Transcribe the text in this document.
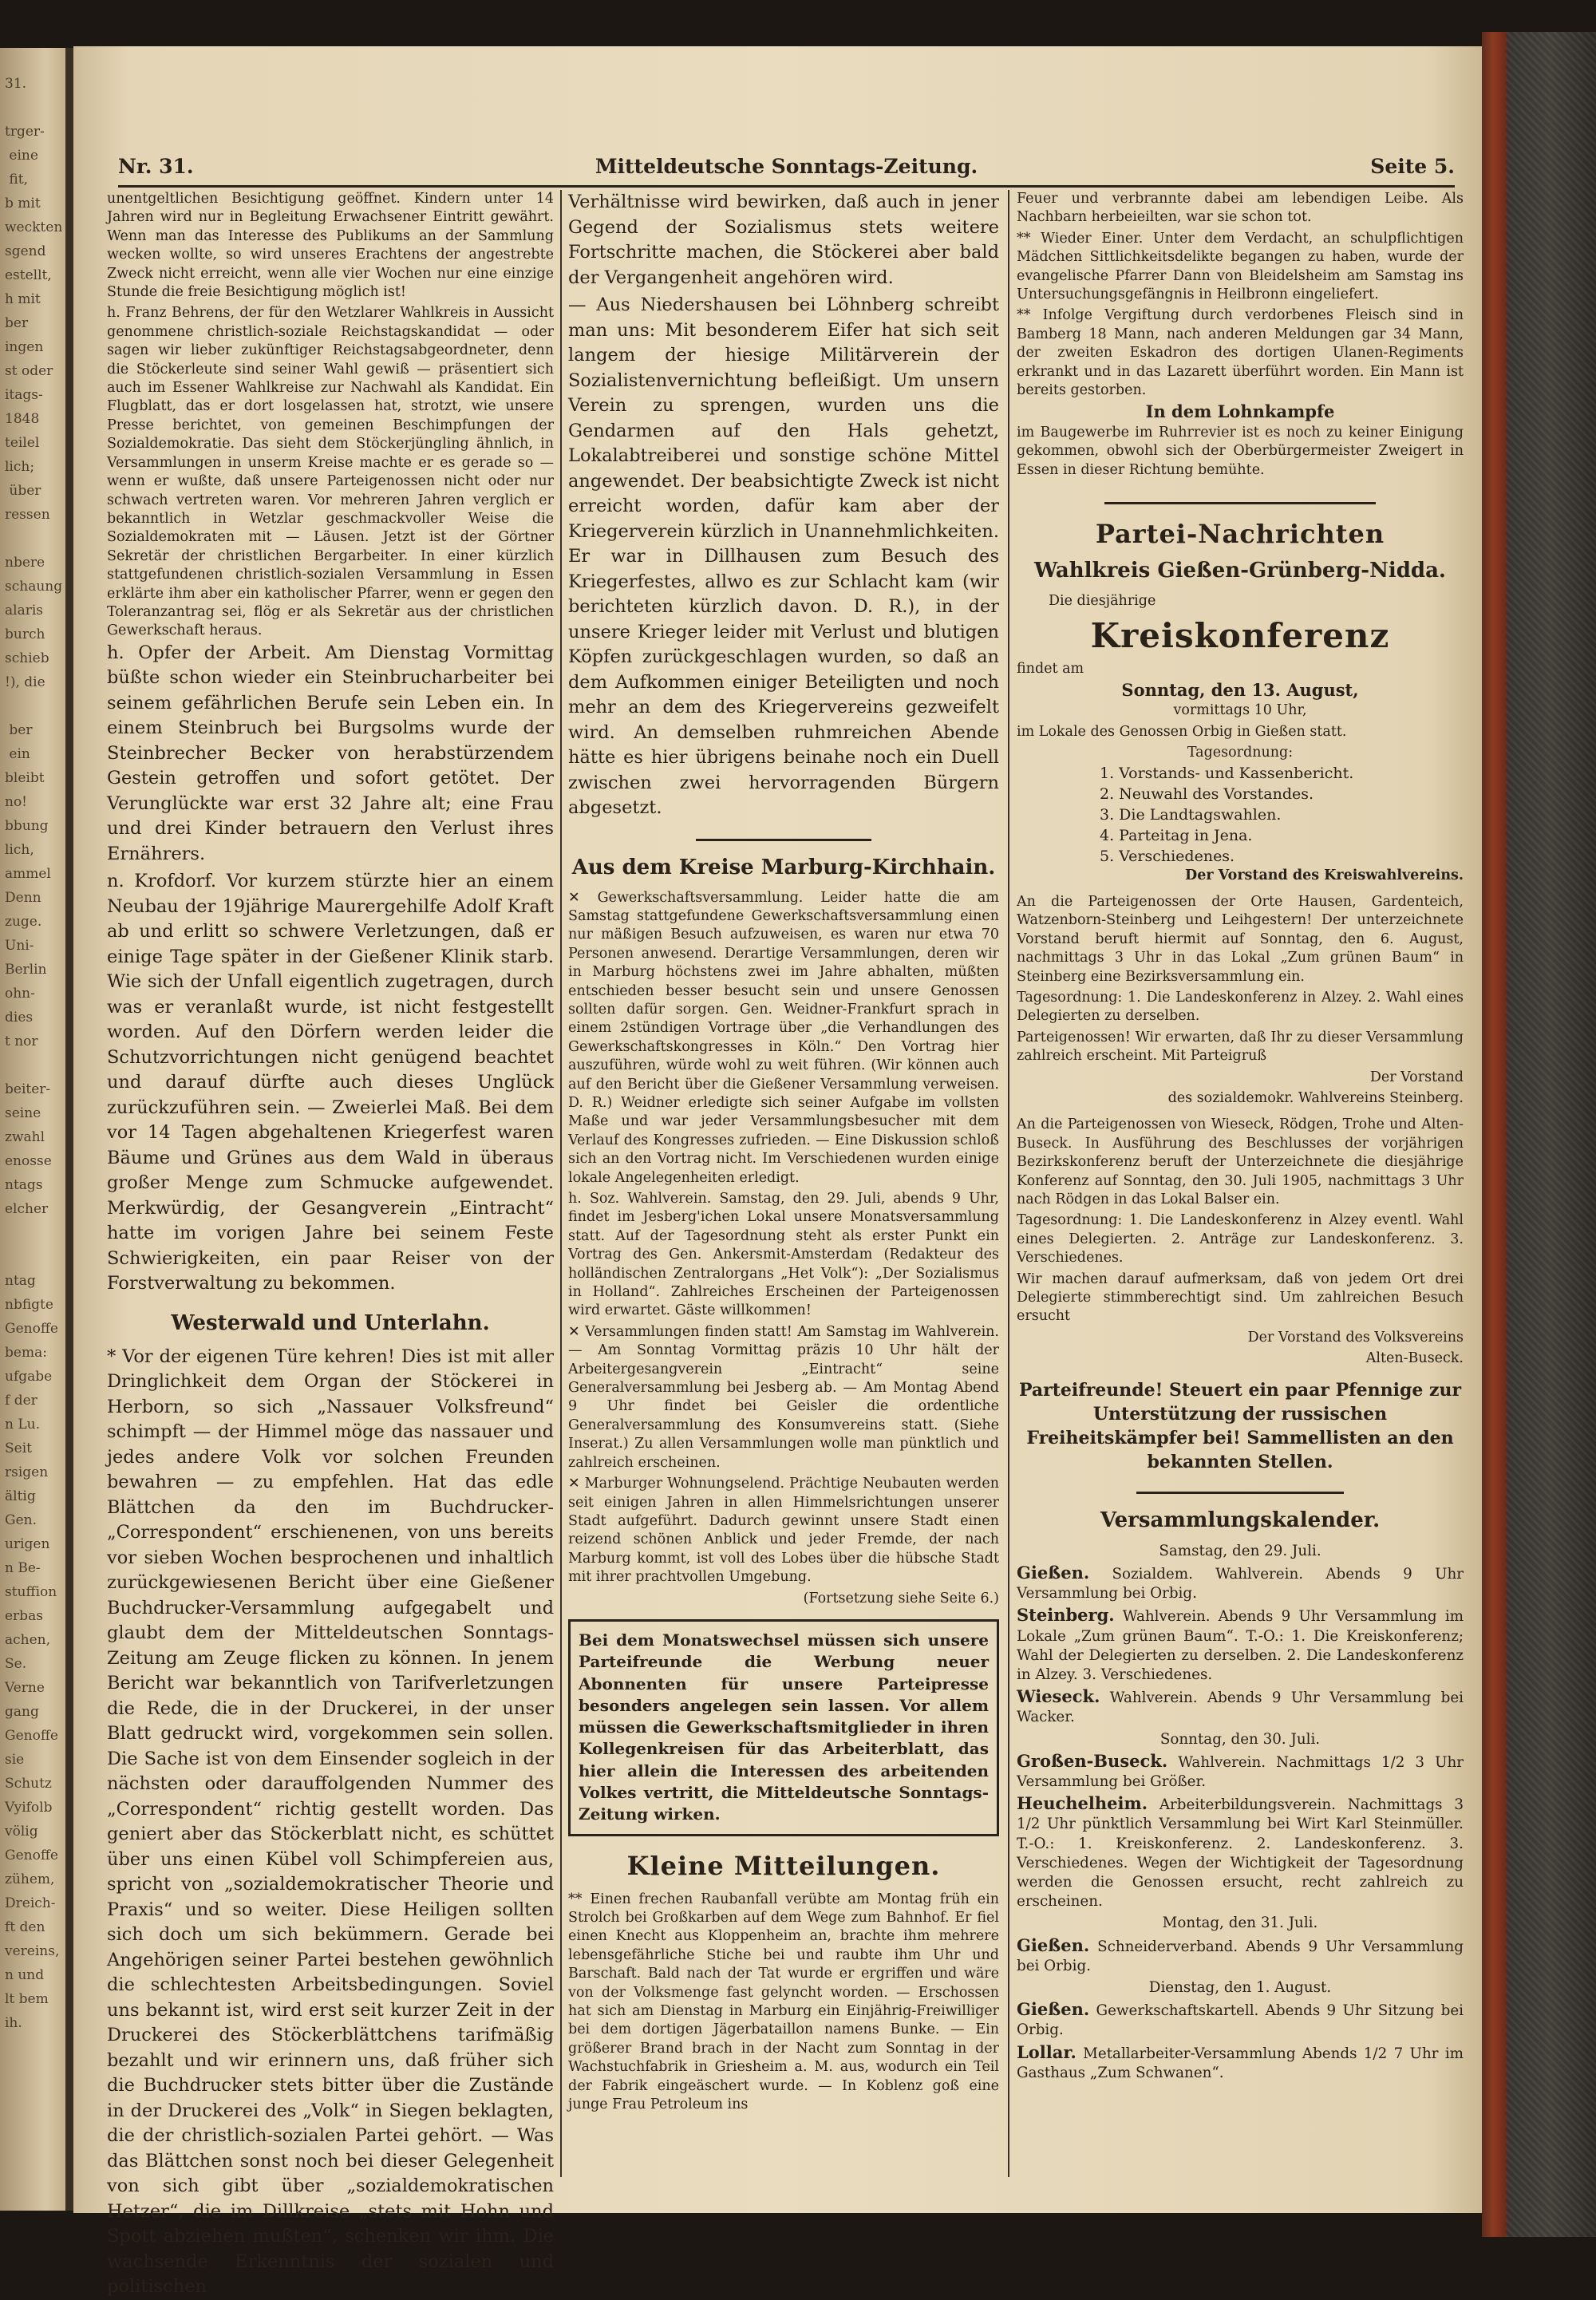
31.

trger-
eine
fit,
b mit
weckten
sgend
estellt,
h mit
ber
ingen
st oder
itags-
1848
teilel
lich;
über
ressen

nbere
schaung
alaris
burch
schieb
!), die

ber
ein
bleibt
no!
bbung
lich,
ammel
Denn
zuge.
Uni-
Berlin
ohn-
dies
t nor

beiter-
seine
zwahl
enosse
ntags
elcher

ntag
nbfigte
Genoffe
bema:
ufgabe
f der
n Lu.
Seit
rsigen
ältig
Gen.
urigen
n Be-
stuffion
erbas
achen,
Se.
Verne
gang
Genoffe
sie
Schutz
Vyifolb
völig
Genoffe
zühem,
Dreich-
ft den
vereins,
n und
lt bem
ih.
Nr. 31.	Mitteldeutsche Sonntags-Zeitung.	Seite 5.

unentgeltlichen Besichtigung geöffnet. Kindern unter 14 Jahren wird nur in Begleitung Erwachsener Eintritt gewährt. Wenn man das Interesse des Publikums an der Sammlung wecken wollte, so wird unseres Erachtens der angestrebte Zweck nicht erreicht, wenn alle vier Wochen nur eine einzige Stunde die freie Besichtigung möglich ist!

h. Franz Behrens, der für den Wetzlarer Wahlkreis in Aussicht genommene christlich-soziale Reichstagskandidat — oder sagen wir lieber zukünftiger Reichstagsabgeordneter, denn die Stöckerleute sind seiner Wahl gewiß — präsentiert sich auch im Essener Wahlkreise zur Nachwahl als Kandidat. Ein Flugblatt, das er dort losgelassen hat, strotzt, wie unsere Presse berichtet, von gemeinen Beschimpfungen der Sozialdemokratie. Das sieht dem Stöckerjüngling ähnlich, in Versammlungen in unserm Kreise machte er es gerade so — wenn er wußte, daß unsere Parteigenossen nicht oder nur schwach vertreten waren. Vor mehreren Jahren verglich er bekanntlich in Wetzlar geschmackvoller Weise die Sozialdemokraten mit — Läusen. Jetzt ist der Görtner Sekretär der christlichen Bergarbeiter. In einer kürzlich stattgefundenen christlich-sozialen Versammlung in Essen erklärte ihm aber ein katholischer Pfarrer, wenn er gegen den Toleranzantrag sei, flög er als Sekretär aus der christlichen Gewerkschaft heraus.

h. Opfer der Arbeit. Am Dienstag Vormittag büßte schon wieder ein Steinbrucharbeiter bei seinem gefährlichen Berufe sein Leben ein. In einem Steinbruch bei Burgsolms wurde der Steinbrecher Becker von herabstürzendem Gestein getroffen und sofort getötet. Der Verunglückte war erst 32 Jahre alt; eine Frau und drei Kinder betrauern den Verlust ihres Ernährers.

n. Krofdorf. Vor kurzem stürzte hier an einem Neubau der 19jährige Maurergehilfe Adolf Kraft ab und erlitt so schwere Verletzungen, daß er einige Tage später in der Gießener Klinik starb. Wie sich der Unfall eigentlich zugetragen, durch was er veranlaßt wurde, ist nicht festgestellt worden. Auf den Dörfern werden leider die Schutzvorrichtungen nicht genügend beachtet und darauf dürfte auch dieses Unglück zurückzuführen sein. — Zweierlei Maß. Bei dem vor 14 Tagen abgehaltenen Kriegerfest waren Bäume und Grünes aus dem Wald in überaus großer Menge zum Schmucke aufgewendet. Merkwürdig, der Gesangverein „Eintracht“ hatte im vorigen Jahre bei seinem Feste Schwierigkeiten, ein paar Reiser von der Forstverwaltung zu bekommen.

Westerwald und Unterlahn.

* Vor der eigenen Türe kehren! Dies ist mit aller Dringlichkeit dem Organ der Stöckerei in Herborn, so sich „Nassauer Volksfreund“ schimpft — der Himmel möge das nassauer und jedes andere Volk vor solchen Freunden bewahren — zu empfehlen. Hat das edle Blättchen da den im Buchdrucker-„Correspondent“ erschienenen, von uns bereits vor sieben Wochen besprochenen und inhaltlich zurückgewiesenen Bericht über eine Gießener Buchdrucker-Versammlung aufgegabelt und glaubt dem der Mitteldeutschen Sonntags-Zeitung am Zeuge flicken zu können. In jenem Bericht war bekanntlich von Tarifverletzungen die Rede, die in der Druckerei, in der unser Blatt gedruckt wird, vorgekommen sein sollen. Die Sache ist von dem Einsender sogleich in der nächsten oder darauffolgenden Nummer des „Correspondent“ richtig gestellt worden. Das geniert aber das Stöckerblatt nicht, es schüttet über uns einen Kübel voll Schimpfereien aus, spricht von „sozialdemokratischer Theorie und Praxis“ und so weiter. Diese Heiligen sollten sich doch um sich bekümmern. Gerade bei Angehörigen seiner Partei bestehen gewöhnlich die schlechtesten Arbeitsbedingungen. Soviel uns bekannt ist, wird erst seit kurzer Zeit in der Druckerei des Stöckerblättchens tarifmäßig bezahlt und wir erinnern uns, daß früher sich die Buchdrucker stets bitter über die Zustände in der Druckerei des „Volk“ in Siegen beklagten, die der christlich-sozialen Partei gehört. — Was das Blättchen sonst noch bei dieser Gelegenheit von sich gibt über „sozialdemokratischen Hetzer“, die im Dillkreise „stets mit Hohn und Spott abziehen mußten“, schenken wir ihm. Die wachsende Erkenntnis der sozialen und politischen

Verhältnisse wird bewirken, daß auch in jener Gegend der Sozialismus stets weitere Fortschritte machen, die Stöckerei aber bald der Vergangenheit angehören wird.

— Aus Niedershausen bei Löhnberg schreibt man uns: Mit besonderem Eifer hat sich seit langem der hiesige Militärverein der Sozialistenvernichtung befleißigt. Um unsern Verein zu sprengen, wurden uns die Gendarmen auf den Hals gehetzt, Lokalabtreiberei und sonstige schöne Mittel angewendet. Der beabsichtigte Zweck ist nicht erreicht worden, dafür kam aber der Kriegerverein kürzlich in Unannehmlichkeiten. Er war in Dillhausen zum Besuch des Kriegerfestes, allwo es zur Schlacht kam (wir berichteten kürzlich davon. D. R.), in der unsere Krieger leider mit Verlust und blutigen Köpfen zurückgeschlagen wurden, so daß an dem Aufkommen einiger Beteiligten und noch mehr an dem des Kriegervereins gezweifelt wird. An demselben ruhmreichen Abende hätte es hier übrigens beinahe noch ein Duell zwischen zwei hervorragenden Bürgern abgesetzt.

Aus dem Kreise Marburg-Kirchhain.

✕ Gewerkschaftsversammlung. Leider hatte die am Samstag stattgefundene Gewerkschaftsversammlung einen nur mäßigen Besuch aufzuweisen, es waren nur etwa 70 Personen anwesend. Derartige Versammlungen, deren wir in Marburg höchstens zwei im Jahre abhalten, müßten entschieden besser besucht sein und unsere Genossen sollten dafür sorgen. Gen. Weidner-Frankfurt sprach in einem 2stündigen Vortrage über „die Verhandlungen des Gewerkschaftskongresses in Köln.“ Den Vortrag hier auszuführen, würde wohl zu weit führen. (Wir können auch auf den Bericht über die Gießener Versammlung verweisen. D. R.) Weidner erledigte sich seiner Aufgabe im vollsten Maße und war jeder Versammlungsbesucher mit dem Verlauf des Kongresses zufrieden. — Eine Diskussion schloß sich an den Vortrag nicht. Im Verschiedenen wurden einige lokale Angelegenheiten erledigt.

h. Soz. Wahlverein. Samstag, den 29. Juli, abends 9 Uhr, findet im Jesberg'ichen Lokal unsere Monatsversammlung statt. Auf der Tagesordnung steht als erster Punkt ein Vortrag des Gen. Ankersmit-Amsterdam (Redakteur des holländischen Zentralorgans „Het Volk“): „Der Sozialismus in Holland“. Zahlreiches Erscheinen der Parteigenossen wird erwartet. Gäste willkommen!

✕ Versammlungen finden statt! Am Samstag im Wahlverein. — Am Sonntag Vormittag präzis 10 Uhr hält der Arbeitergesangverein „Eintracht“ seine Generalversammlung bei Jesberg ab. — Am Montag Abend 9 Uhr findet bei Geisler die ordentliche Generalversammlung des Konsumvereins statt. (Siehe Inserat.) Zu allen Versammlungen wolle man pünktlich und zahlreich erscheinen.

✕ Marburger Wohnungselend. Prächtige Neubauten werden seit einigen Jahren in allen Himmelsrichtungen unserer Stadt aufgeführt. Dadurch gewinnt unsere Stadt einen reizend schönen Anblick und jeder Fremde, der nach Marburg kommt, ist voll des Lobes über die hübsche Stadt mit ihrer prachtvollen Umgebung.

(Fortsetzung siehe Seite 6.)

Bei dem Monatswechsel müssen sich unsere Parteifreunde die Werbung neuer Abonnenten für unsere Parteipresse besonders angelegen sein lassen. Vor allem müssen die Gewerkschaftsmitglieder in ihren Kollegenkreisen für das Arbeiterblatt, das hier allein die Interessen des arbeitenden Volkes vertritt, die Mitteldeutsche Sonntags-Zeitung wirken.

Kleine Mitteilungen.

** Einen frechen Raubanfall verübte am Montag früh ein Strolch bei Großkarben auf dem Wege zum Bahnhof. Er fiel einen Knecht aus Kloppenheim an, brachte ihm mehrere lebensgefährliche Stiche bei und raubte ihm Uhr und Barschaft. Bald nach der Tat wurde er ergriffen und wäre von der Volksmenge fast gelyncht worden. — Erschossen hat sich am Dienstag in Marburg ein Einjährig-Freiwilliger bei dem dortigen Jägerbataillon namens Bunke. — Ein größerer Brand brach in der Nacht zum Sonntag in der Wachstuchfabrik in Griesheim a. M. aus, wodurch ein Teil der Fabrik eingeäschert wurde. — In Koblenz goß eine junge Frau Petroleum ins

Feuer und verbrannte dabei am lebendigen Leibe. Als Nachbarn herbeieilten, war sie schon tot.

** Wieder Einer. Unter dem Verdacht, an schulpflichtigen Mädchen Sittlichkeitsdelikte begangen zu haben, wurde der evangelische Pfarrer Dann von Bleidelsheim am Samstag ins Untersuchungsgefängnis in Heilbronn eingeliefert.

** Infolge Vergiftung durch verdorbenes Fleisch sind in Bamberg 18 Mann, nach anderen Meldungen gar 34 Mann, der zweiten Eskadron des dortigen Ulanen-Regiments erkrankt und in das Lazarett überführt worden. Ein Mann ist bereits gestorben.

In dem Lohnkampfe

im Baugewerbe im Ruhrrevier ist es noch zu keiner Einigung gekommen, obwohl sich der Oberbürgermeister Zweigert in Essen in dieser Richtung bemühte.

Partei-Nachrichten
Wahlkreis Gießen-Grünberg-Nidda.

Die diesjährige

Kreiskonferenz

findet am

Sonntag, den 13. August,

vormittags 10 Uhr,

im Lokale des Genossen Orbig in Gießen statt.

Tagesordnung:

1. Vorstands- und Kassenbericht.
2. Neuwahl des Vorstandes.
3. Die Landtagswahlen.
4. Parteitag in Jena.
5. Verschiedenes.

Der Vorstand des Kreiswahlvereins.

An die Parteigenossen der Orte Hausen, Gardenteich, Watzenborn-Steinberg und Leihgestern! Der unterzeichnete Vorstand beruft hiermit auf Sonntag, den 6. August, nachmittags 3 Uhr in das Lokal „Zum grünen Baum“ in Steinberg eine Bezirksversammlung ein.

Tagesordnung: 1. Die Landeskonferenz in Alzey. 2. Wahl eines Delegierten zu derselben.

Parteigenossen! Wir erwarten, daß Ihr zu dieser Versammlung zahlreich erscheint. Mit Parteigruß

Der Vorstand

des sozialdemokr. Wahlvereins Steinberg.

An die Parteigenossen von Wieseck, Rödgen, Trohe und Alten-Buseck. In Ausführung des Beschlusses der vorjährigen Bezirkskonferenz beruft der Unterzeichnete die diesjährige Konferenz auf Sonntag, den 30. Juli 1905, nachmittags 3 Uhr nach Rödgen in das Lokal Balser ein.

Tagesordnung: 1. Die Landeskonferenz in Alzey eventl. Wahl eines Delegierten. 2. Anträge zur Landeskonferenz. 3. Verschiedenes.

Wir machen darauf aufmerksam, daß von jedem Ort drei Delegierte stimmberechtigt sind. Um zahlreichen Besuch ersucht

Der Vorstand des Volksvereins

Alten-Buseck.

Parteifreunde! Steuert ein paar Pfennige zur Unterstützung der russischen Freiheitskämpfer bei! Sammellisten an den bekannten Stellen.

Versammlungskalender.

Samstag, den 29. Juli.

Gießen. Sozialdem. Wahlverein. Abends 9 Uhr Versammlung bei Orbig.

Steinberg. Wahlverein. Abends 9 Uhr Versammlung im Lokale „Zum grünen Baum“. T.-O.: 1. Die Kreiskonferenz; Wahl der Delegierten zu derselben. 2. Die Landeskonferenz in Alzey. 3. Verschiedenes.

Wieseck. Wahlverein. Abends 9 Uhr Versammlung bei Wacker.

Sonntag, den 30. Juli.

Großen-Buseck. Wahlverein. Nachmittags 1/2 3 Uhr Versammlung bei Größer.

Heuchelheim. Arbeiterbildungsverein. Nachmittags 3 1/2 Uhr pünktlich Versammlung bei Wirt Karl Steinmüller. T.-O.: 1. Kreiskonferenz. 2. Landeskonferenz. 3. Verschiedenes. Wegen der Wichtigkeit der Tagesordnung werden die Genossen ersucht, recht zahlreich zu erscheinen.

Montag, den 31. Juli.

Gießen. Schneiderverband. Abends 9 Uhr Versammlung bei Orbig.

Dienstag, den 1. August.

Gießen. Gewerkschaftskartell. Abends 9 Uhr Sitzung bei Orbig.

Lollar. Metallarbeiter-Versammlung Abends 1/2 7 Uhr im Gasthaus „Zum Schwanen“.
